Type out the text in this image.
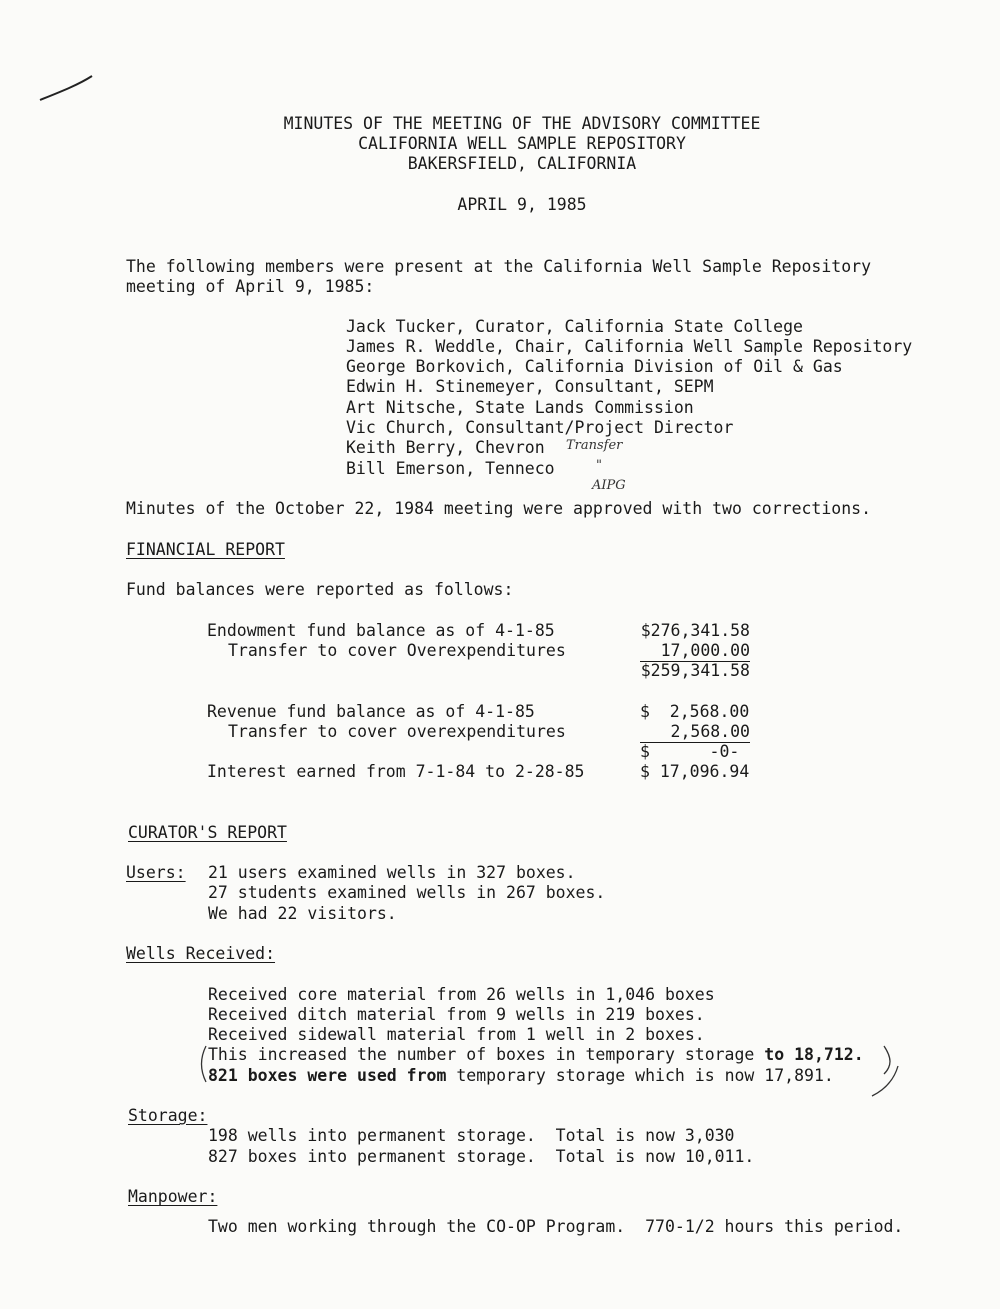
MINUTES OF THE MEETING OF THE ADVISORY COMMITTEE
CALIFORNIA WELL SAMPLE REPOSITORY
BAKERSFIELD, CALIFORNIA
APRIL 9, 1985
The following members were present at the California Well Sample Repository
meeting of April 9, 1985:
Jack Tucker, Curator, California State College
James R. Weddle, Chair, California Well Sample Repository
George Borkovich, California Division of Oil & Gas
Edwin H. Stinemeyer, Consultant, SEPM
Art Nitsche, State Lands Commission
Vic Church, Consultant/Project Director
Keith Berry, Chevron
Bill Emerson, Tenneco
Transfer
"
AIPG
Minutes of the October 22, 1984 meeting were approved with two corrections.
FINANCIAL REPORT
Fund balances were reported as follows:
Endowment fund balance as of 4-1-85	$276,341.58
Transfer to cover Overexpenditures	17,000.00
$259,341.58
Revenue fund balance as of 4-1-85	$  2,568.00
Transfer to cover overexpenditures	2,568.00
$      -0-
Interest earned from 7-1-84 to 2-28-85	$ 17,096.94
CURATOR'S REPORT
Users: 21 users examined wells in 327 boxes.
27 students examined wells in 267 boxes.
We had 22 visitors.
Wells Received:
Received core material from 26 wells in 1,046 boxes
Received ditch material from 9 wells in 219 boxes.
Received sidewall material from 1 well in 2 boxes.
This increased the number of boxes in temporary storage to 18,712.
821 boxes were used from temporary storage which is now 17,891.
Storage:
198 wells into permanent storage.  Total is now 3,030
827 boxes into permanent storage.  Total is now 10,011.
Manpower:
Two men working through the CO-OP Program.  770-1/2 hours this period.
